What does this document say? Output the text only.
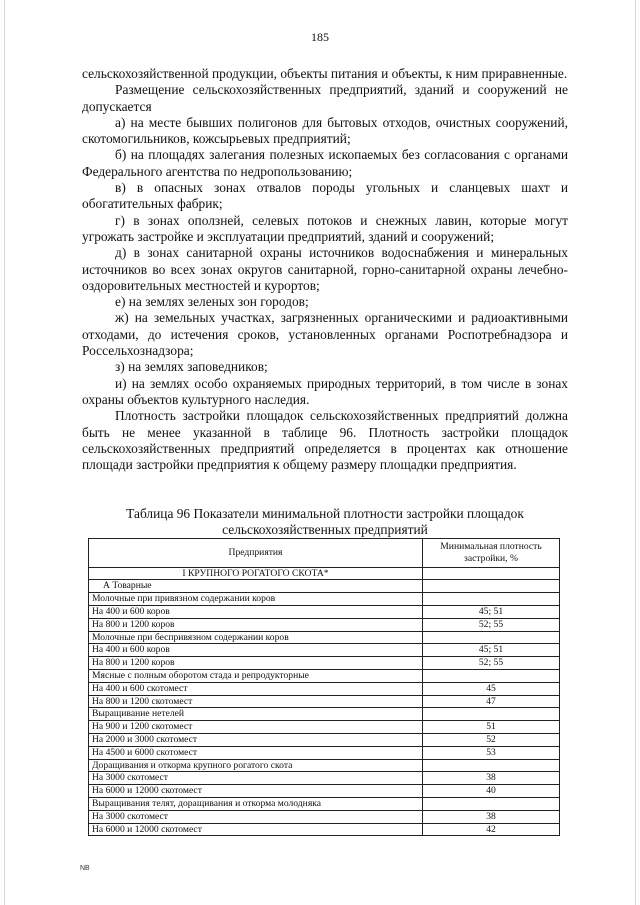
185

сельскохозяйственной продукции, объекты питания и объекты, к ним приравненные.

Размещение сельскохозяйственных предприятий, зданий и сооружений не допускается

а) на месте бывших полигонов для бытовых отходов, очистных сооружений, скотомогильников, кожсырьевых предприятий;

б) на площадях залегания полезных ископаемых без согласования с органами Федерального агентства по недропользованию;

в) в опасных зонах отвалов породы угольных и сланцевых шахт и обогатительных фабрик;

г) в зонах оползней, селевых потоков и снежных лавин, которые могут угрожать застройке и эксплуатации предприятий, зданий и сооружений;

д) в зонах санитарной охраны источников водоснабжения и минеральных источников во всех зонах округов санитарной, горно-санитарной охраны лечебно-оздоровительных местностей и курортов;

е) на землях зеленых зон городов;

ж) на земельных участках, загрязненных органическими и радиоактивными отходами, до истечения сроков, установленных органами Роспотребнадзора и Россельхознадзора;

з) на землях заповедников;

и) на землях особо охраняемых природных территорий, в том числе в зонах охраны объектов культурного наследия.

Плотность застройки площадок сельскохозяйственных предприятий должна быть не менее указанной в таблице 96. Плотность застройки площадок сельскохозяйственных предприятий определяется в процентах как отношение площади застройки предприятия к общему размеру площадки предприятия.

Таблица 96 Показатели минимальной плотности застройки площадок
сельскохозяйственных предприятий
Предприятия	Минимальная плотность застройки, %
I КРУПНОГО РОГАТОГО СКОТА*	
А Товарные	
Молочные при привязном содержании коров	
На 400 и 600 коров	45; 51
На 800 и 1200 коров	52; 55
Молочные при беспривязном содержании коров	
На 400 и 600 коров	45; 51
На 800 и 1200 коров	52; 55
Мясные с полным оборотом стада и репродукторные	
На 400 и 600 скотомест	45
На 800 и 1200 скотомест	47
Выращивание нетелей	
На 900 и 1200 скотомест	51
На 2000 и 3000 скотомест	52
На 4500 и 6000 скотомест	53
Доращивания и откорма крупного рогатого скота	
На 3000 скотомест	38
На 6000 и 12000 скотомест	40
Выращивания телят, доращивания и откорма молодняка	
На 3000 скотомест	38
На 6000 и 12000 скотомест	42
NB
